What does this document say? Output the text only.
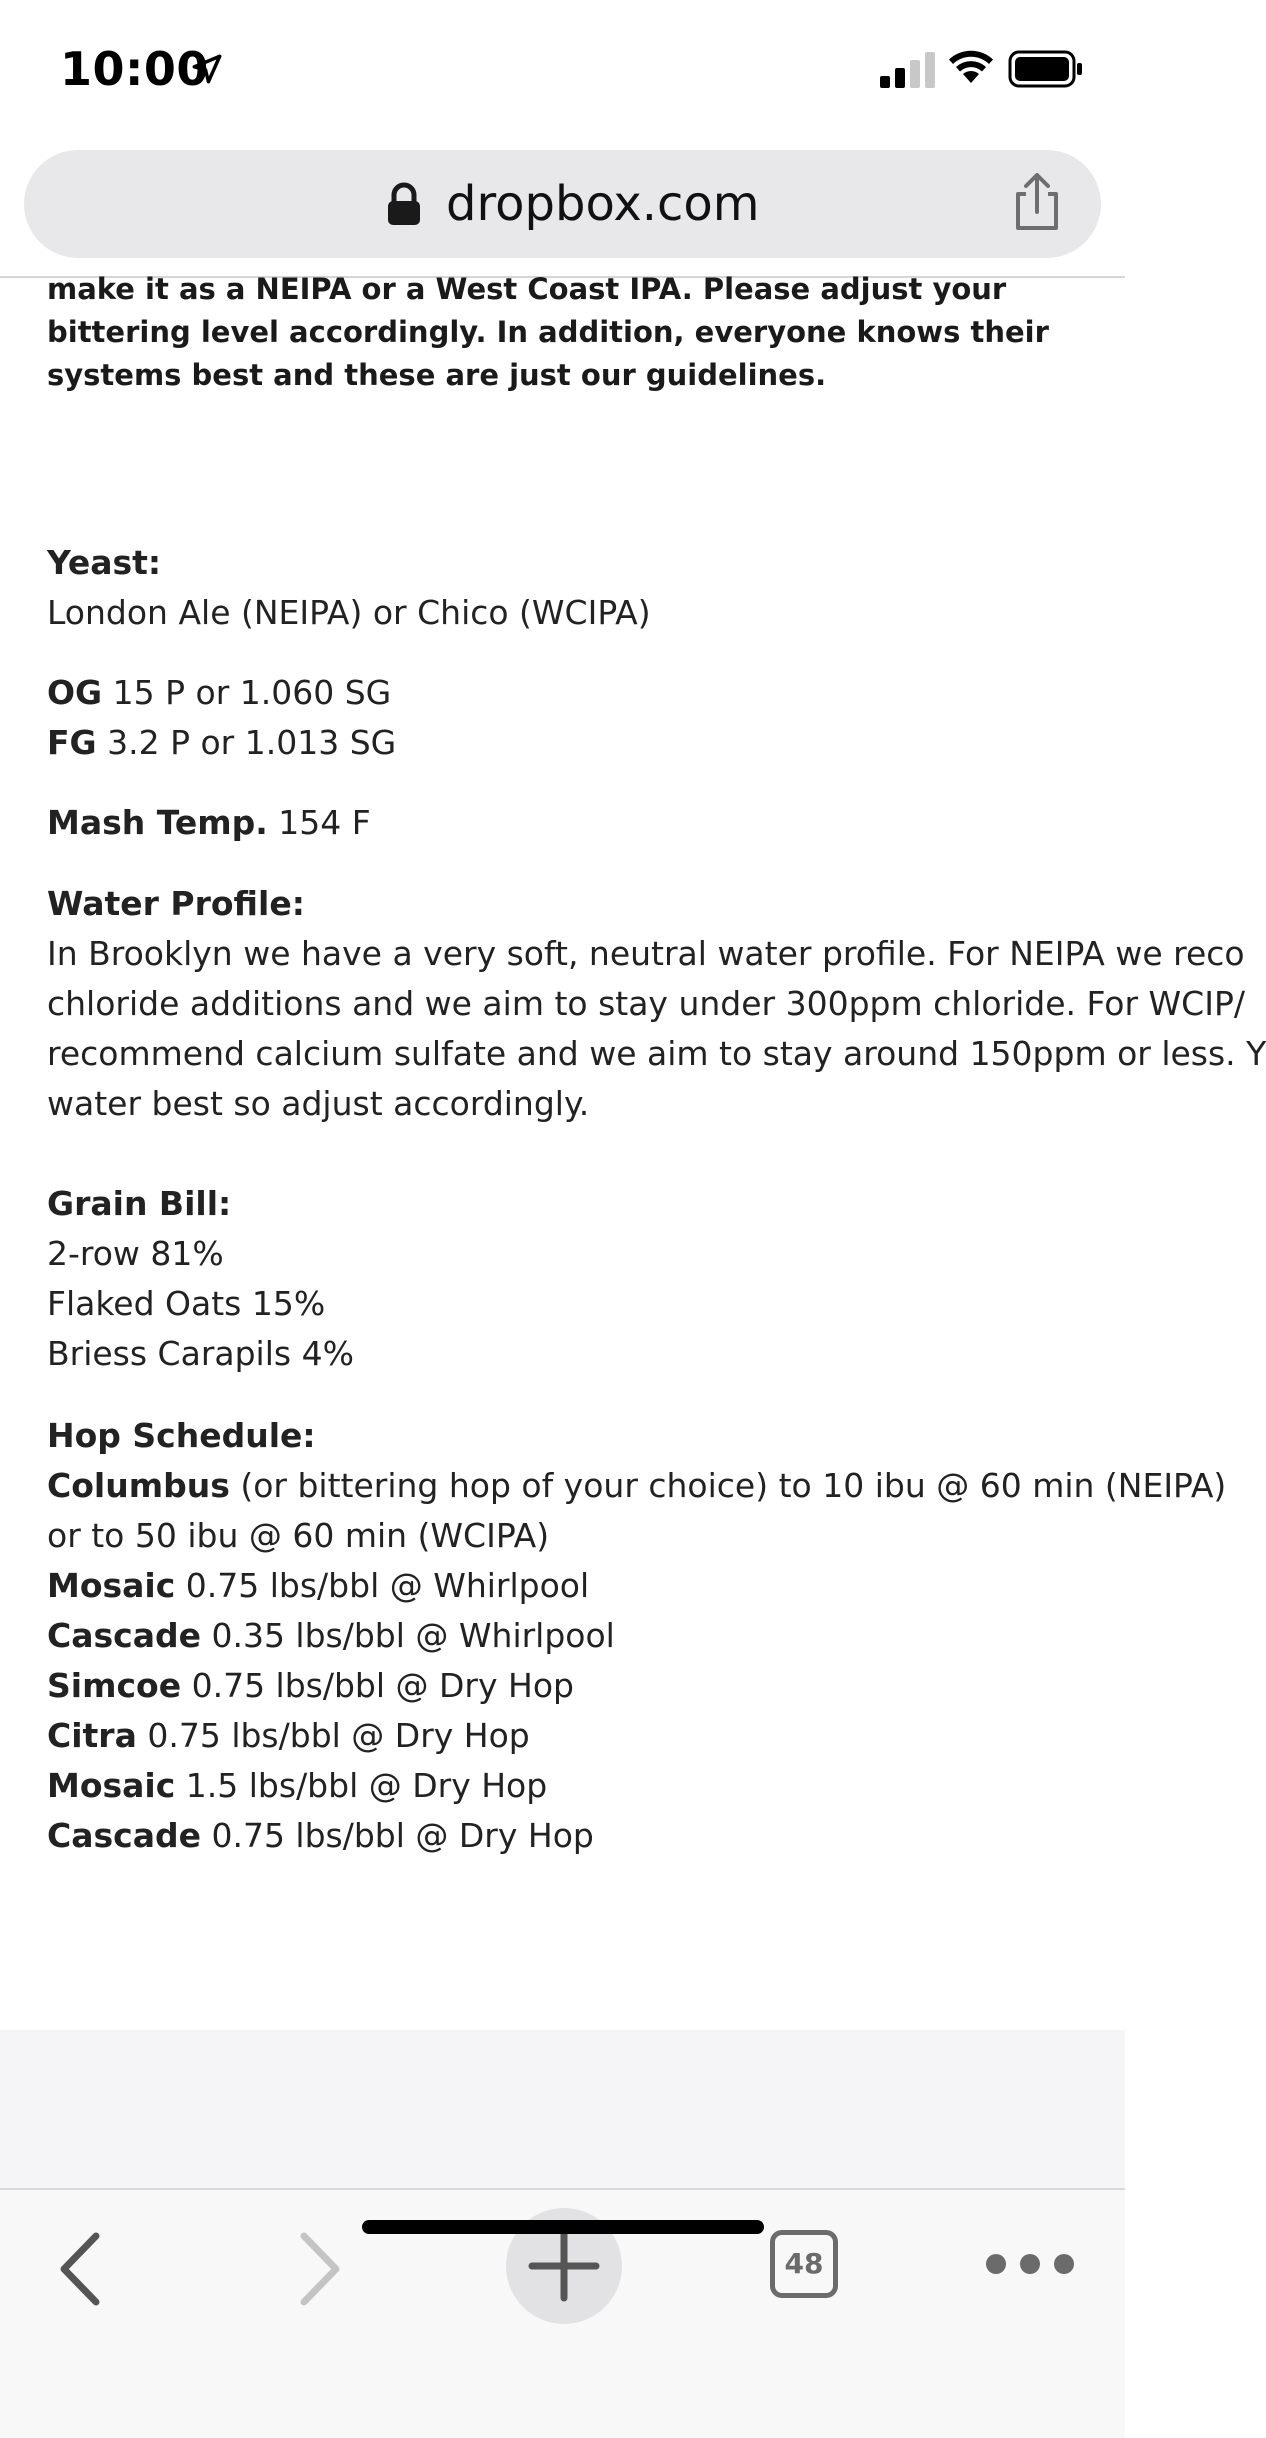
10:00
dropbox.com

make it as a NEIPA or a West Coast IPA. Please adjust your

bittering level accordingly. In addition, everyone knows their

systems best and these are just our guidelines.

Yeast:

London Ale (NEIPA) or Chico (WCIPA)

OG 15 P or 1.060 SG

FG 3.2 P or 1.013 SG

Mash Temp. 154 F

Water Profile:

In Brooklyn we have a very soft, neutral water profile. For NEIPA we reco

chloride additions and we aim to stay under 300ppm chloride. For WCIP/

recommend calcium sulfate and we aim to stay around 150ppm or less. Y

water best so adjust accordingly.

Grain Bill:

2-row 81%

Flaked Oats 15%

Briess Carapils 4%

Hop Schedule:

Columbus (or bittering hop of your choice) to 10 ibu @ 60 min (NEIPA)

or to 50 ibu @ 60 min (WCIPA)

Mosaic 0.75 lbs/bbl @ Whirlpool

Cascade 0.35 lbs/bbl @ Whirlpool

Simcoe 0.75 lbs/bbl @ Dry Hop

Citra 0.75 lbs/bbl @ Dry Hop

Mosaic 1.5 lbs/bbl @ Dry Hop

Cascade 0.75 lbs/bbl @ Dry Hop

48
